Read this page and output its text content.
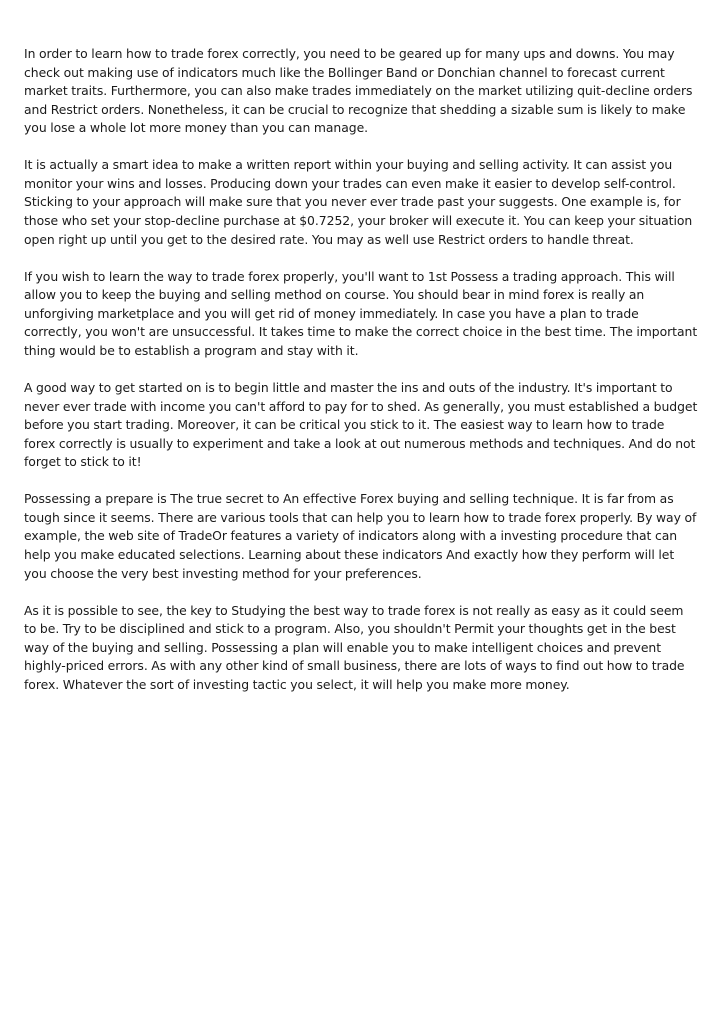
In order to learn how to trade forex correctly, you need to be geared up for many ups and downs. You may check out making use of indicators much like the Bollinger Band or Donchian channel to forecast current market traits. Furthermore, you can also make trades immediately on the market utilizing quit-decline orders and Restrict orders. Nonetheless, it can be crucial to recognize that shedding a sizable sum is likely to make you lose a whole lot more money than you can manage.

It is actually a smart idea to make a written report within your buying and selling activity. It can assist you monitor your wins and losses. Producing down your trades can even make it easier to develop self-control. Sticking to your approach will make sure that you never ever trade past your suggests. One example is, for those who set your stop-decline purchase at $0.7252, your broker will execute it. You can keep your situation open right up until you get to the desired rate. You may as well use Restrict orders to handle threat.

If you wish to learn the way to trade forex properly, you'll want to 1st Possess a trading approach. This will allow you to keep the buying and selling method on course. You should bear in mind forex is really an unforgiving marketplace and you will get rid of money immediately. In case you have a plan to trade correctly, you won't are unsuccessful. It takes time to make the correct choice in the best time. The important thing would be to establish a program and stay with it.

A good way to get started on is to begin little and master the ins and outs of the industry. It's important to never ever trade with income you can't afford to pay for to shed. As generally, you must established a budget before you start trading. Moreover, it can be critical you stick to it. The easiest way to learn how to trade forex correctly is usually to experiment and take a look at out numerous methods and techniques. And do not forget to stick to it!

Possessing a prepare is The true secret to An effective Forex buying and selling technique. It is far from as tough since it seems. There are various tools that can help you to learn how to trade forex properly. By way of example, the web site of TradeOr features a variety of indicators along with a investing procedure that can help you make educated selections. Learning about these indicators And exactly how they perform will let you choose the very best investing method for your preferences.

As it is possible to see, the key to Studying the best way to trade forex is not really as easy as it could seem to be. Try to be disciplined and stick to a program. Also, you shouldn't Permit your thoughts get in the best way of the buying and selling. Possessing a plan will enable you to make intelligent choices and prevent highly-priced errors. As with any other kind of small business, there are lots of ways to find out how to trade forex. Whatever the sort of investing tactic you select, it will help you make more money.
